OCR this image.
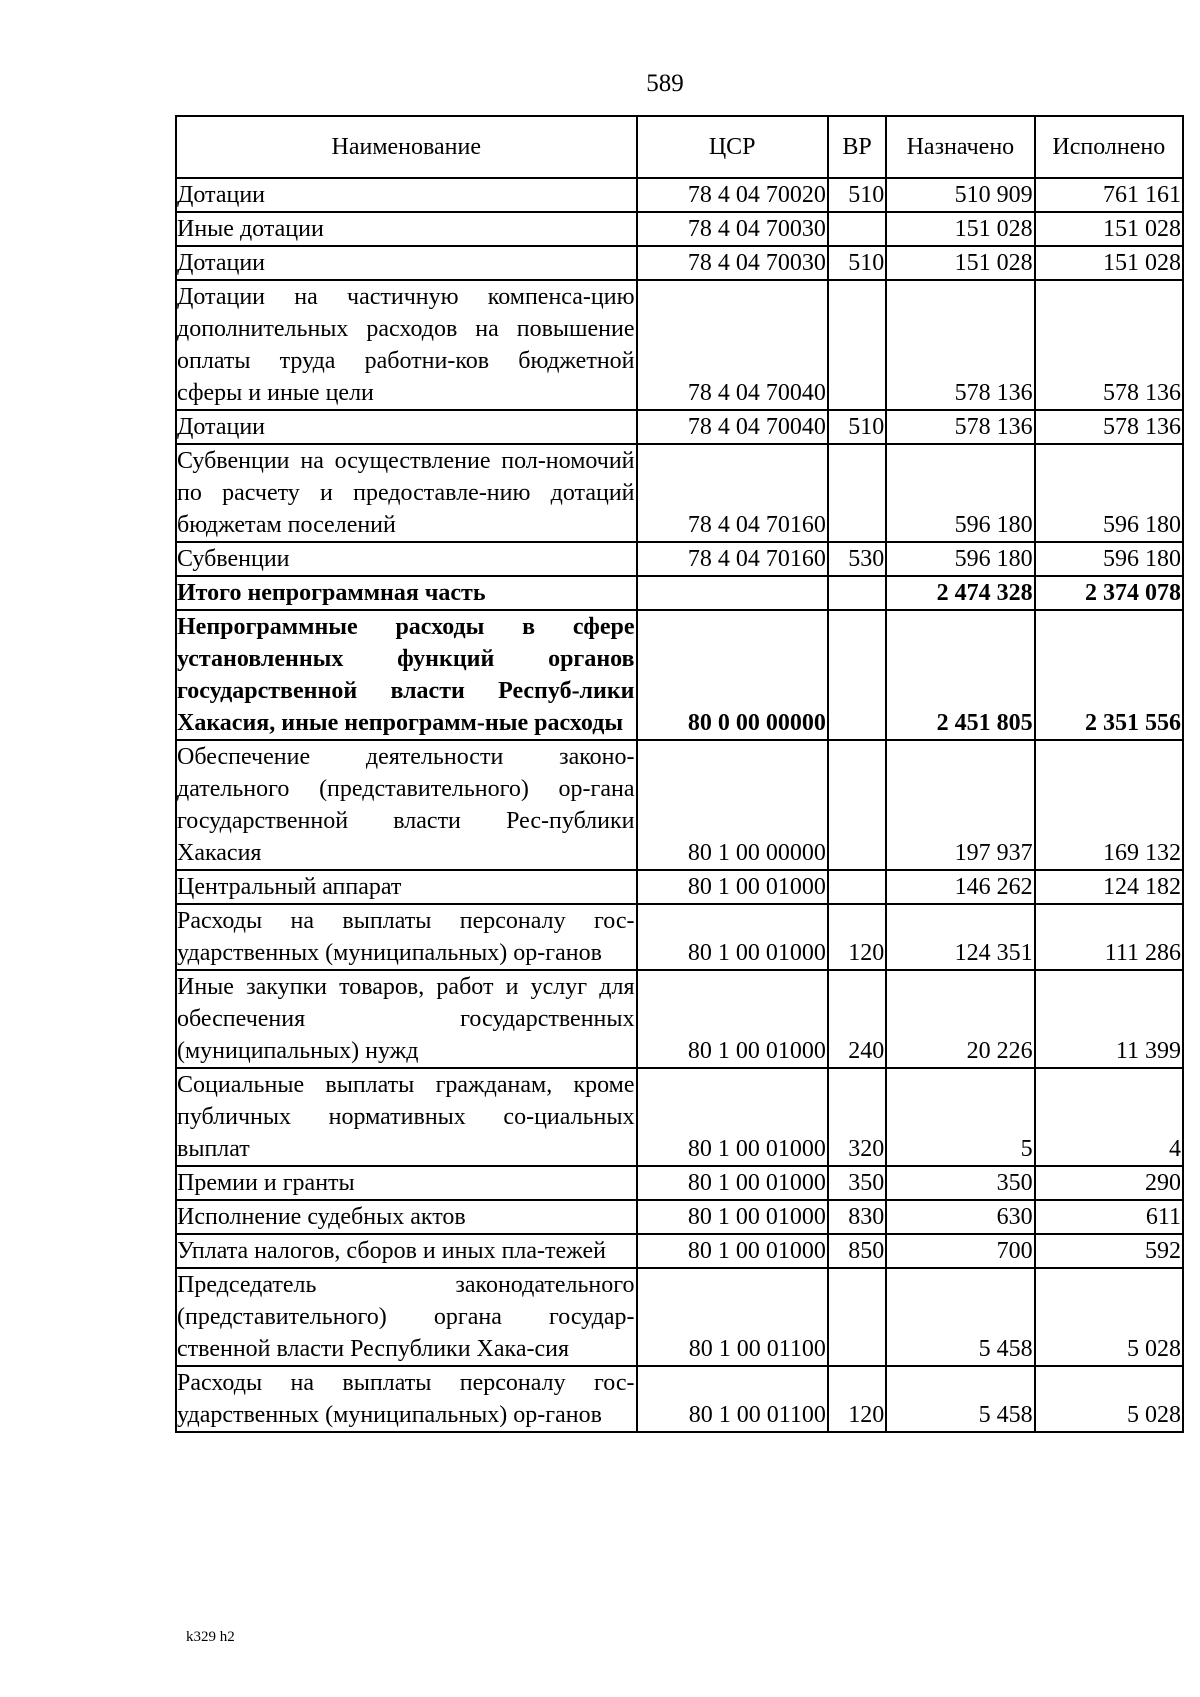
589
Наименование	ЦСР	ВР	Назначено	Исполнено
Дотации	78 4 04 70020	510	510 909	761 161
Иные дотации	78 4 04 70030		151 028	151 028
Дотации	78 4 04 70030	510	151 028	151 028
Дотации на частичную компенса-цию дополнительных расходов на повышение оплаты труда работни-ков бюджетной сферы и иные цели	78 4 04 70040		578 136	578 136
Дотации	78 4 04 70040	510	578 136	578 136
Субвенции на осуществление пол-номочий по расчету и предоставле-нию дотаций бюджетам поселений	78 4 04 70160		596 180	596 180
Субвенции	78 4 04 70160	530	596 180	596 180
Итого непрограммная часть			2 474 328	2 374 078
Непрограммные расходы в сфере установленных функций органов государственной власти Респуб-лики Хакасия, иные непрограмм-ные расходы	80 0 00 00000		2 451 805	2 351 556
Обеспечение деятельности законо-дательного (представительного) ор-гана государственной власти Рес-публики Хакасия	80 1 00 00000		197 937	169 132
Центральный аппарат	80 1 00 01000		146 262	124 182
Расходы на выплаты персоналу гос-ударственных (муниципальных) ор-ганов	80 1 00 01000	120	124 351	111 286
Иные закупки товаров, работ и услуг для обеспечения государственных (муниципальных) нужд	80 1 00 01000	240	20 226	11 399
Социальные выплаты гражданам, кроме публичных нормативных со-циальных выплат	80 1 00 01000	320	5	4
Премии и гранты	80 1 00 01000	350	350	290
Исполнение судебных актов	80 1 00 01000	830	630	611
Уплата налогов, сборов и иных пла-тежей	80 1 00 01000	850	700	592
Председатель законодательного (представительного) органа государ-ственной власти Республики Хака-сия	80 1 00 01100		5 458	5 028
Расходы на выплаты персоналу гос-ударственных (муниципальных) ор-ганов	80 1 00 01100	120	5 458	5 028
k329 h2
